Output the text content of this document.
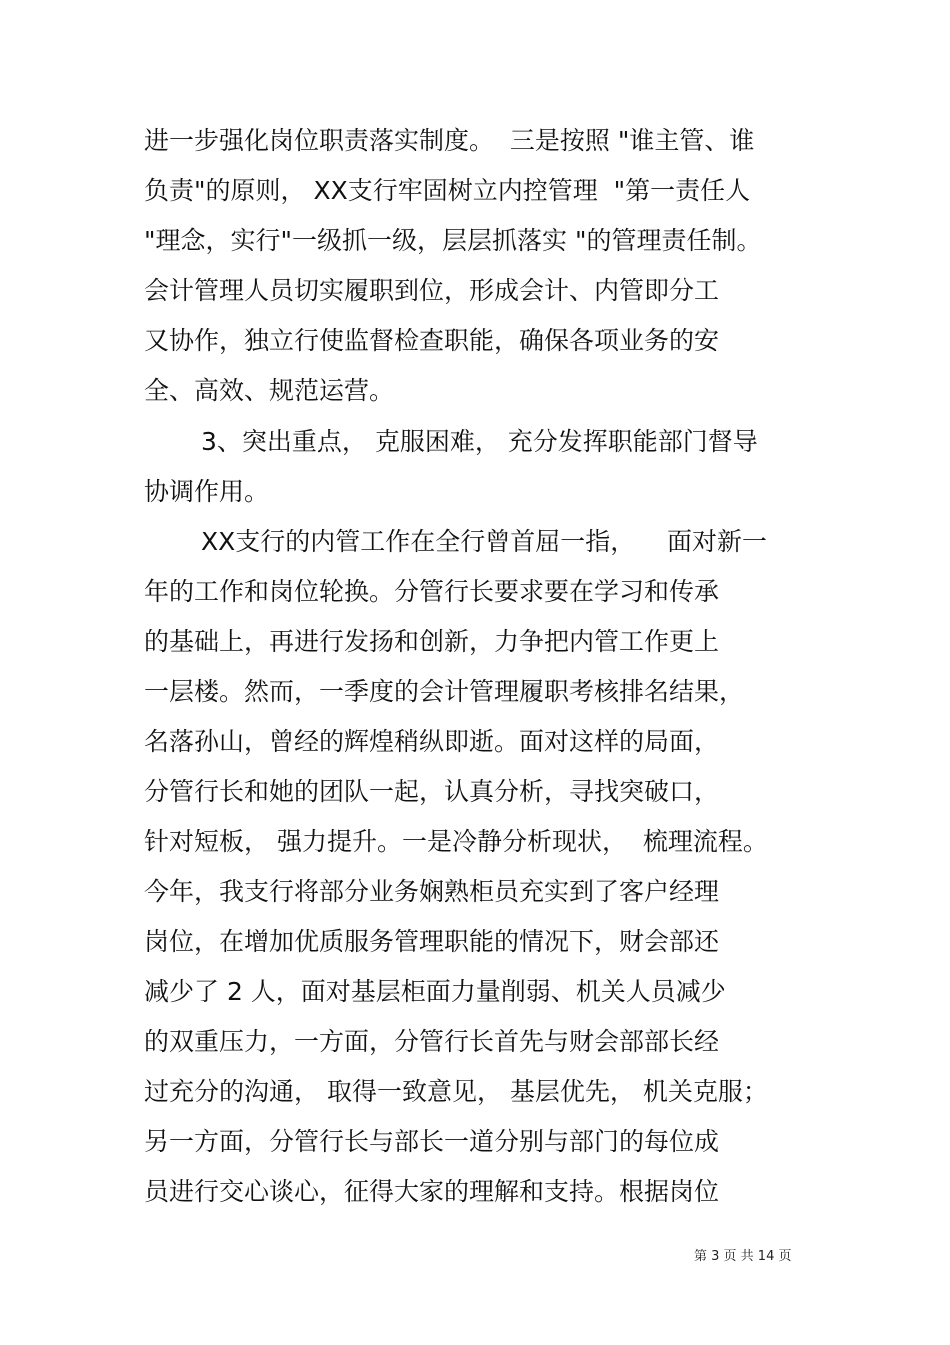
进一步强化岗位职责落实制度。  三是按照 "谁主管、谁
负责"的原则， XX支行牢固树立内控管理  "第一责任人
"理念，实行"一级抓一级，层层抓落实 "的管理责任制。
会计管理人员切实履职到位，形成会计、内管即分工
又协作，独立行使监督检查职能，确保各项业务的安
全、高效、规范运营。
3、突出重点， 克服困难， 充分发挥职能部门督导
协调作用。
XX支行的内管工作在全行曾首屈一指，    面对新一
年的工作和岗位轮换。分管行长要求要在学习和传承
的基础上，再进行发扬和创新，力争把内管工作更上
一层楼。然而，一季度的会计管理履职考核排名结果，
名落孙山，曾经的辉煌稍纵即逝。面对这样的局面，
分管行长和她的团队一起，认真分析，寻找突破口，
针对短板， 强力提升。一是冷静分析现状，  梳理流程。
今年，我支行将部分业务娴熟柜员充实到了客户经理
岗位，在增加优质服务管理职能的情况下，财会部还
减少了 2 人，面对基层柜面力量削弱、机关人员减少
的双重压力，一方面，分管行长首先与财会部部长经
过充分的沟通， 取得一致意见， 基层优先， 机关克服；
另一方面，分管行长与部长一道分别与部门的每位成
员进行交心谈心，征得大家的理解和支持。根据岗位
第 3 页 共 14 页
